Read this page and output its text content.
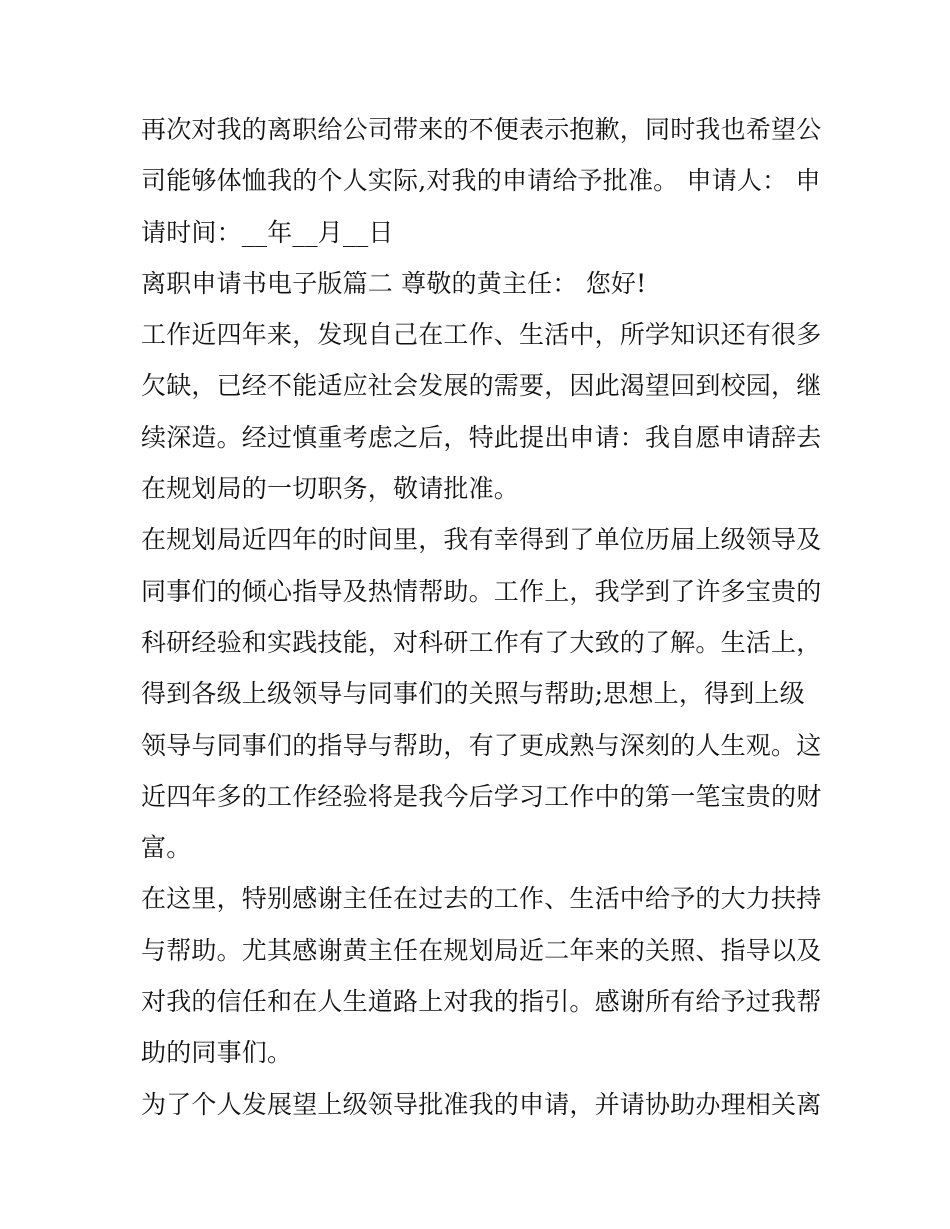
再次对我的离职给公司带来的不便表示抱歉，同时我也希望公
司能够体恤我的个人实际,对我的申请给予批准。 申请人： 申
请时间：__年__月__日
离职申请书电子版篇二 尊敬的黄主任： 您好!
工作近四年来，发现自己在工作、生活中，所学知识还有很多
欠缺，已经不能适应社会发展的需要，因此渴望回到校园，继
续深造。经过慎重考虑之后，特此提出申请：我自愿申请辞去
在规划局的一切职务，敬请批准。
在规划局近四年的时间里，我有幸得到了单位历届上级领导及
同事们的倾心指导及热情帮助。工作上，我学到了许多宝贵的
科研经验和实践技能，对科研工作有了大致的了解。生活上，
得到各级上级领导与同事们的关照与帮助;思想上，得到上级
领导与同事们的指导与帮助，有了更成熟与深刻的人生观。这
近四年多的工作经验将是我今后学习工作中的第一笔宝贵的财
富。
在这里，特别感谢主任在过去的工作、生活中给予的大力扶持
与帮助。尤其感谢黄主任在规划局近二年来的关照、指导以及
对我的信任和在人生道路上对我的指引。感谢所有给予过我帮
助的同事们。
为了个人发展望上级领导批准我的申请，并请协助办理相关离
